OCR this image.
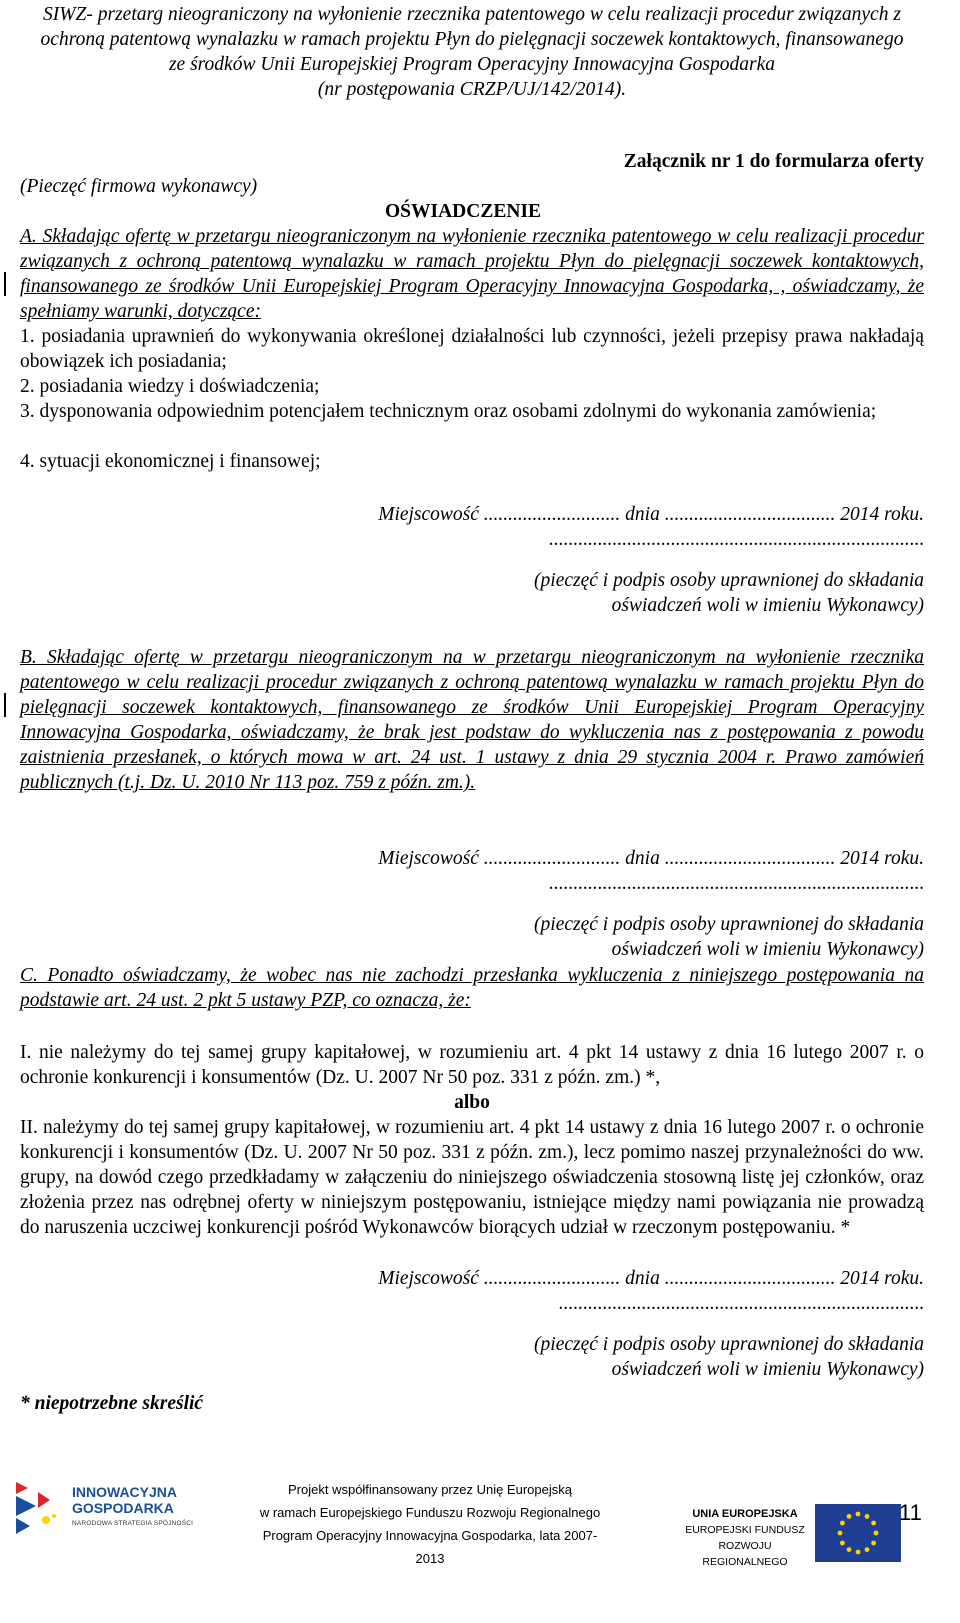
SIWZ- przetarg nieograniczony na wyłonienie rzecznika patentowego w celu realizacji procedur związanych z

ochroną patentową wynalazku w ramach projektu Płyn do pielęgnacji soczewek kontaktowych, finansowanego

ze środków Unii Europejskiej Program Operacyjny Innowacyjna Gospodarka

(nr postępowania CRZP/UJ/142/2014).

Załącznik nr 1 do formularza oferty
(Pieczęć firmowa wykonawcy)
OŚWIADCZENIE
A. Składając ofertę w przetargu nieograniczonym na wyłonienie rzecznika patentowego w celu realizacji procedur związanych z ochroną patentową wynalazku w ramach projektu Płyn do pielęgnacji soczewek kontaktowych, finansowanego ze środków Unii Europejskiej Program Operacyjny Innowacyjna Gospodarka, , oświadczamy, że spełniamy warunki, dotyczące:
1. posiadania uprawnień do wykonywania określonej działalności lub czynności, jeżeli przepisy prawa nakładają obowiązek ich posiadania;
2. posiadania wiedzy i doświadczenia;
3. dysponowania odpowiednim potencjałem technicznym oraz osobami zdolnymi do wykonania zamówienia;
4. sytuacji ekonomicznej i finansowej;
Miejscowość ............................ dnia ................................... 2014 roku.
.............................................................................
(pieczęć i podpis osoby uprawnionej do składania
oświadczeń woli w imieniu Wykonawcy)
B. Składając ofertę w przetargu nieograniczonym na w przetargu nieograniczonym na wyłonienie rzecznika patentowego w celu realizacji procedur związanych z ochroną patentową wynalazku w ramach projektu Płyn do pielęgnacji soczewek kontaktowych, finansowanego ze środków Unii Europejskiej Program Operacyjny Innowacyjna Gospodarka, oświadczamy, że brak jest podstaw do wykluczenia nas z postępowania z powodu zaistnienia przesłanek, o których mowa w art. 24 ust. 1 ustawy z dnia 29 stycznia 2004 r. Prawo zamówień publicznych (t.j. Dz. U. 2010 Nr 113 poz. 759 z późn. zm.).
Miejscowość ............................ dnia ................................... 2014 roku.
.............................................................................
(pieczęć i podpis osoby uprawnionej do składania
oświadczeń woli w imieniu Wykonawcy)
C. Ponadto oświadczamy, że wobec nas nie zachodzi przesłanka wykluczenia z niniejszego postępowania na podstawie art. 24 ust. 2 pkt 5 ustawy PZP, co oznacza, że:
I. nie należymy do tej samej grupy kapitałowej, w rozumieniu art. 4 pkt 14 ustawy z dnia 16 lutego 2007 r. o ochronie konkurencji i konsumentów (Dz. U. 2007 Nr 50 poz. 331 z późn. zm.) *,
albo
II. należymy do tej samej grupy kapitałowej, w rozumieniu art. 4 pkt 14 ustawy z dnia 16 lutego 2007 r. o ochronie konkurencji i konsumentów (Dz. U. 2007 Nr 50 poz. 331 z późn. zm.), lecz pomimo naszej przynależności do ww. grupy, na dowód czego przedkładamy w załączeniu do niniejszego oświadczenia stosowną listę jej członków, oraz złożenia przez nas odrębnej oferty w niniejszym postępowaniu, istniejące między nami powiązania nie prowadzą do naruszenia uczciwej konkurencji pośród Wykonawców biorących udział w rzeczonym postępowaniu. *
Miejscowość ............................ dnia ................................... 2014 roku.
...........................................................................
(pieczęć i podpis osoby uprawnionej do składania
oświadczeń woli w imieniu Wykonawcy)
* niepotrzebne skreślić
INNOWACYJNA
GOSPODARKA
NARODOWA STRATEGIA SPÓJNOŚCI
Projekt współfinansowany przez Unię Europejską
w ramach Europejskiego Funduszu Rozwoju Regionalnego
Program Operacyjny Innowacyjna Gospodarka, lata 2007-2013
UNIA EUROPEJSKA
EUROPEJSKI FUNDUSZ
ROZWOJU REGIONALNEGO
11
